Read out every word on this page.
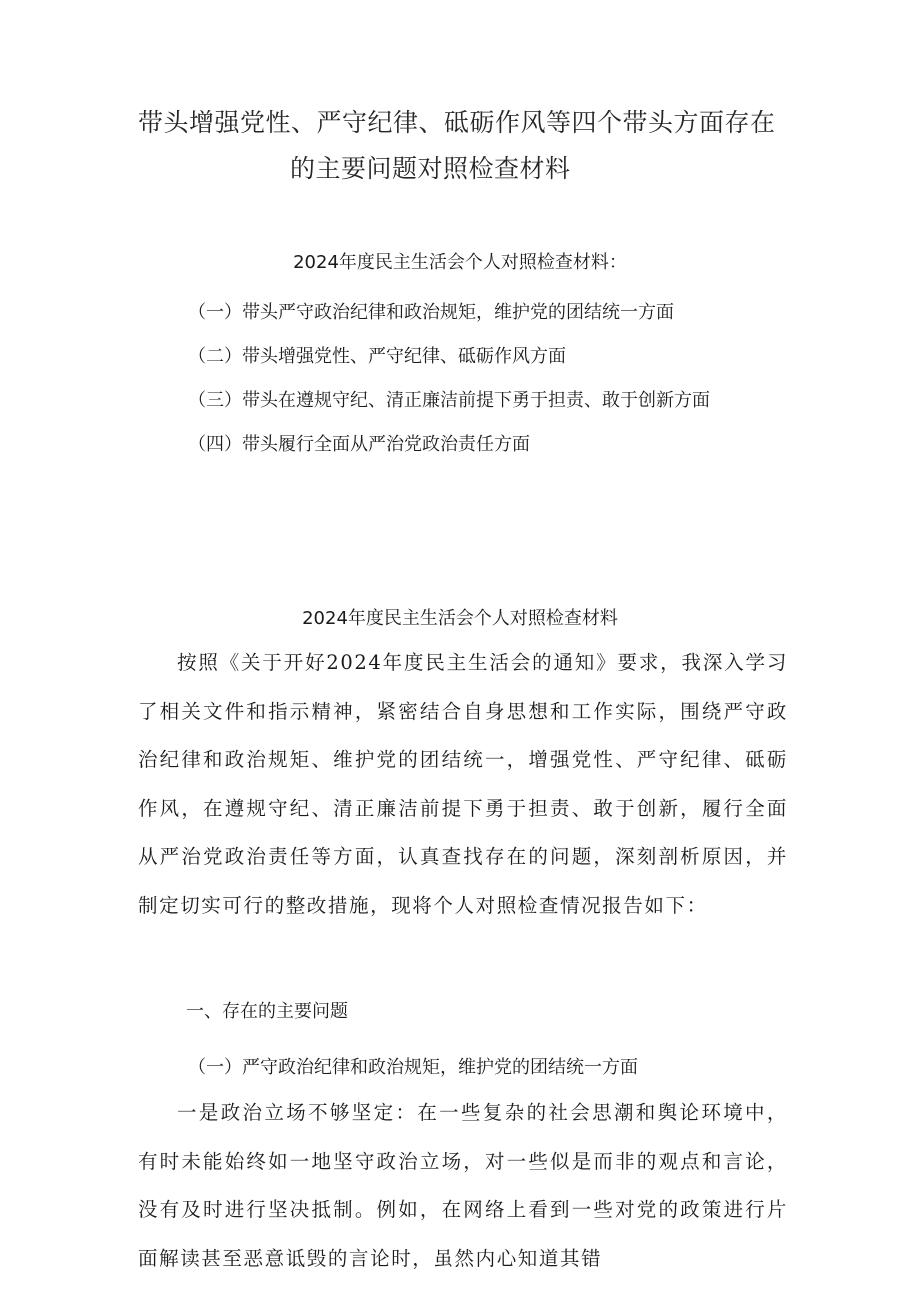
带头增强党性、严守纪律、砥砺作风等四个带头方面存在
的主要问题对照检查材料
2024年度民主生活会个人对照检查材料：
（一）带头严守政治纪律和政治规矩，维护党的团结统一方面
（二）带头增强党性、严守纪律、砥砺作风方面
（三）带头在遵规守纪、清正廉洁前提下勇于担责、敢于创新方面
（四）带头履行全面从严治党政治责任方面
2024年度民主生活会个人对照检查材料

按照《关于开好2024年度民主生活会的通知》要求，我深入学习了相关文件和指示精神，紧密结合自身思想和工作实际，围绕严守政治纪律和政治规矩、维护党的团结统一，增强党性、严守纪律、砥砺作风，在遵规守纪、清正廉洁前提下勇于担责、敢于创新，履行全面从严治党政治责任等方面，认真查找存在的问题，深刻剖析原因，并制定切实可行的整改措施，现将个人对照检查情况报告如下：

一、存在的主要问题
（一）严守政治纪律和政治规矩，维护党的团结统一方面

一是政治立场不够坚定：在一些复杂的社会思潮和舆论环境中，有时未能始终如一地坚守政治立场，对一些似是而非的观点和言论，没有及时进行坚决抵制。例如，在网络上看到一些对党的政策进行片面解读甚至恶意诋毁的言论时，虽然内心知道其错
